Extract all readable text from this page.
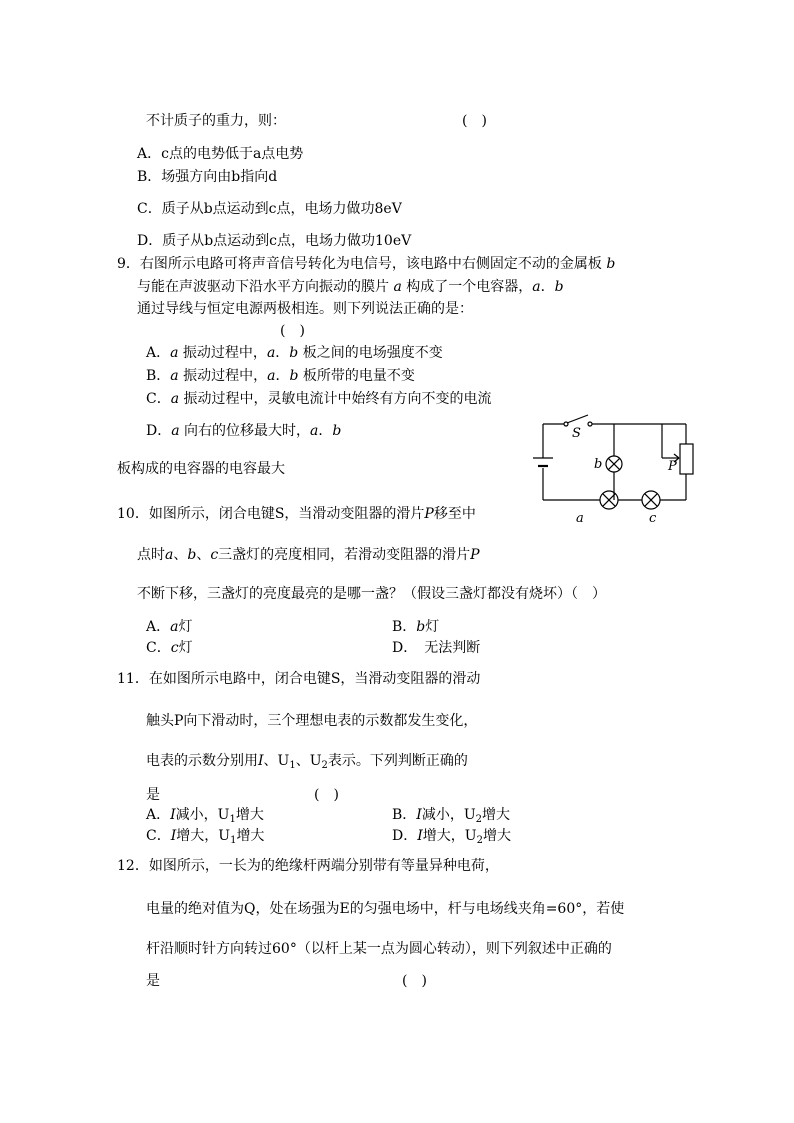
不计质子的重力，则：	(　)
A．c点的电势低于a点电势
B．场强方向由b指向d
C．质子从b点运动到c点，电场力做功8eV
D．质子从b点运动到c点，电场力做功10eV
9．右图所示电路可将声音信号转化为电信号，该电路中右侧固定不动的金属板 b
与能在声波驱动下沿水平方向振动的膜片 a 构成了一个电容器，a．b
通过导线与恒定电源两极相连。则下列说法正确的是：
(　)
A．a 振动过程中，a．b 板之间的电场强度不变
B．a 振动过程中，a．b 板所带的电量不变
C．a 振动过程中，灵敏电流计中始终有方向不变的电流
D．a 向右的位移最大时，a．b
板构成的电容器的电容最大
S
b
a	c
P
10．如图所示，闭合电键S，当滑动变阻器的滑片P移至中
点时a、b、c三盏灯的亮度相同，若滑动变阻器的滑片P
不断下移，三盏灯的亮度最亮的是哪一盏？（假设三盏灯都没有烧坏）（　）
A．a灯	B．b灯
C．c灯	D．　无法判断
11．在如图所示电路中，闭合电键S，当滑动变阻器的滑动
触头P向下滑动时，三个理想电表的示数都发生变化，
电表的示数分别用I、$U_1$、$U_2$表示。下列判断正确的
是	(　)
A．I减小，$U_1$增大	B．I减小，$U_2$增大
C．I增大，$U_1$增大	D．I增大，$U_2$增大
12．如图所示，一长为的绝缘杆两端分别带有等量异种电荷，
电量的绝对值为Q，处在场强为E的匀强电场中，杆与电场线夹角=60°，若使
杆沿顺时针方向转过60°（以杆上某一点为圆心转动），则下列叙述中正确的
是	(　)
